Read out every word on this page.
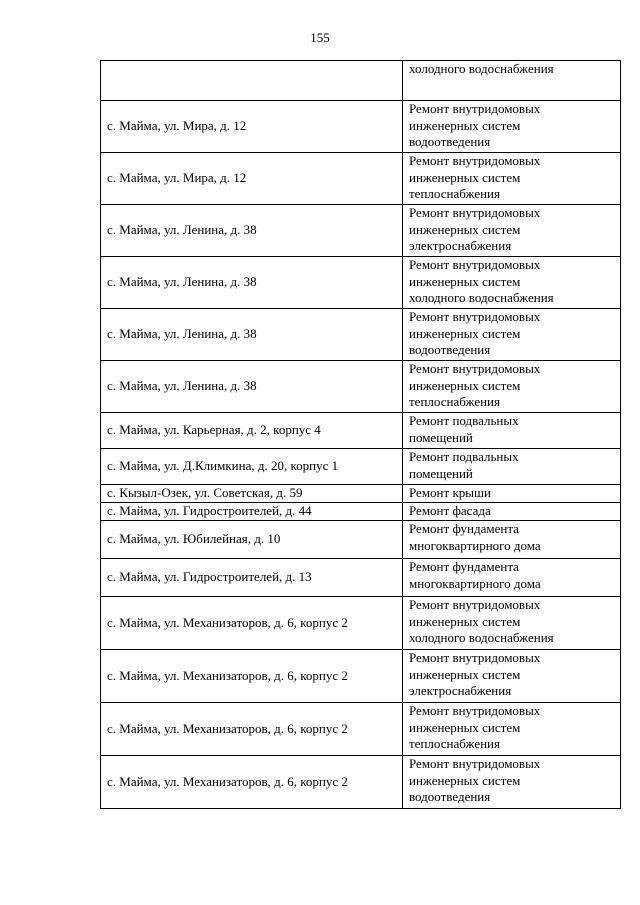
155

	холодного водоснабжения

с. Майма, ул. Мира, д. 12	Ремонт внутридомовых
инженерных систем
водоотведения

с. Майма, ул. Мира, д. 12	Ремонт внутридомовых
инженерных систем
теплоснабжения

с. Майма, ул. Ленина, д. 38	Ремонт внутридомовых
инженерных систем
электроснабжения

с. Майма, ул. Ленина, д. 38	Ремонт внутридомовых
инженерных систем
холодного водоснабжения

с. Майма, ул. Ленина, д. 38	Ремонт внутридомовых
инженерных систем
водоотведения

с. Майма, ул. Ленина, д. 38	Ремонт внутридомовых
инженерных систем
теплоснабжения

с. Майма, ул. Карьерная, д. 2, корпус 4	Ремонт подвальных
помещений

с. Майма, ул. Д.Климкина, д. 20, корпус 1	Ремонт подвальных
помещений

с. Кызыл-Озек, ул. Советская, д. 59	Ремонт крыши

с. Майма, ул. Гидростроителей, д. 44	Ремонт фасада

с. Майма, ул. Юбилейная, д. 10	Ремонт фундамента
многоквартирного дома

с. Майма, ул. Гидростроителей, д. 13	Ремонт фундамента
многоквартирного дома

с. Майма, ул. Механизаторов, д. 6, корпус 2	Ремонт внутридомовых
инженерных систем
холодного водоснабжения

с. Майма, ул. Механизаторов, д. 6, корпус 2	Ремонт внутридомовых
инженерных систем
электроснабжения

с. Майма, ул. Механизаторов, д. 6, корпус 2	Ремонт внутридомовых
инженерных систем
теплоснабжения

с. Майма, ул. Механизаторов, д. 6, корпус 2	Ремонт внутридомовых
инженерных систем
водоотведения
